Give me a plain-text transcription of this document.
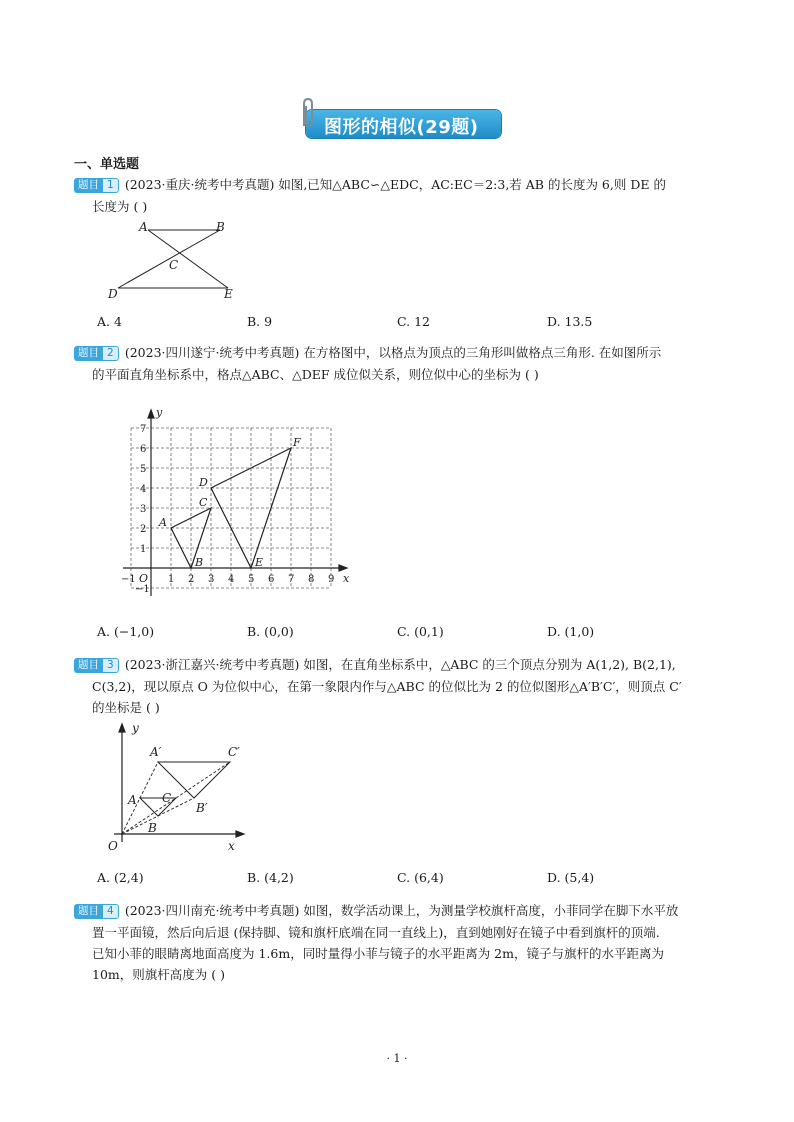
图形的相似(29题)
一、单选题
题目 1 (2023·重庆·统考中考真题) 如图,已知△ABC∽△EDC，AC:EC＝2:3,若 AB 的长度为 6,则 DE 的
长度为 ( )
A	B
C
D	E
A. 4	B. 9	C. 12	D. 13.5
题目 2 (2023·四川遂宁·统考中考真题) 在方格图中，以格点为顶点的三角形叫做格点三角形. 在如图所示
的平面直角坐标系中，格点△ABC、△DEF 成位似关系，则位似中心的坐标为 ( )
y
x
O
−1	1 2 3 4 5 6 7 8 9
7
6
5
4
3
2
1
−1
A
B
C
D
E
F
A. (−1,0)	B. (0,0)	C. (0,1)	D. (1,0)
题目 3 (2023·浙江嘉兴·统考中考真题) 如图，在直角坐标系中，△ABC 的三个顶点分别为 A(1,2), B(2,1),
C(3,2)，现以原点 O 为位似中心，在第一象限内作与△ABC 的位似比为 2 的位似图形△A′B′C′，则顶点 C′
的坐标是 ( )
y
x
O
A′	C′
A C
B′
B
A. (2,4)	B. (4,2)	C. (6,4)	D. (5,4)
题目 4 (2023·四川南充·统考中考真题) 如图，数学活动课上，为测量学校旗杆高度，小菲同学在脚下水平放
置一平面镜，然后向后退 (保持脚、镜和旗杆底端在同一直线上)，直到她刚好在镜子中看到旗杆的顶端.
已知小菲的眼睛离地面高度为 1.6m，同时量得小菲与镜子的水平距离为 2m，镜子与旗杆的水平距离为
10m，则旗杆高度为 ( )
· 1 ·
